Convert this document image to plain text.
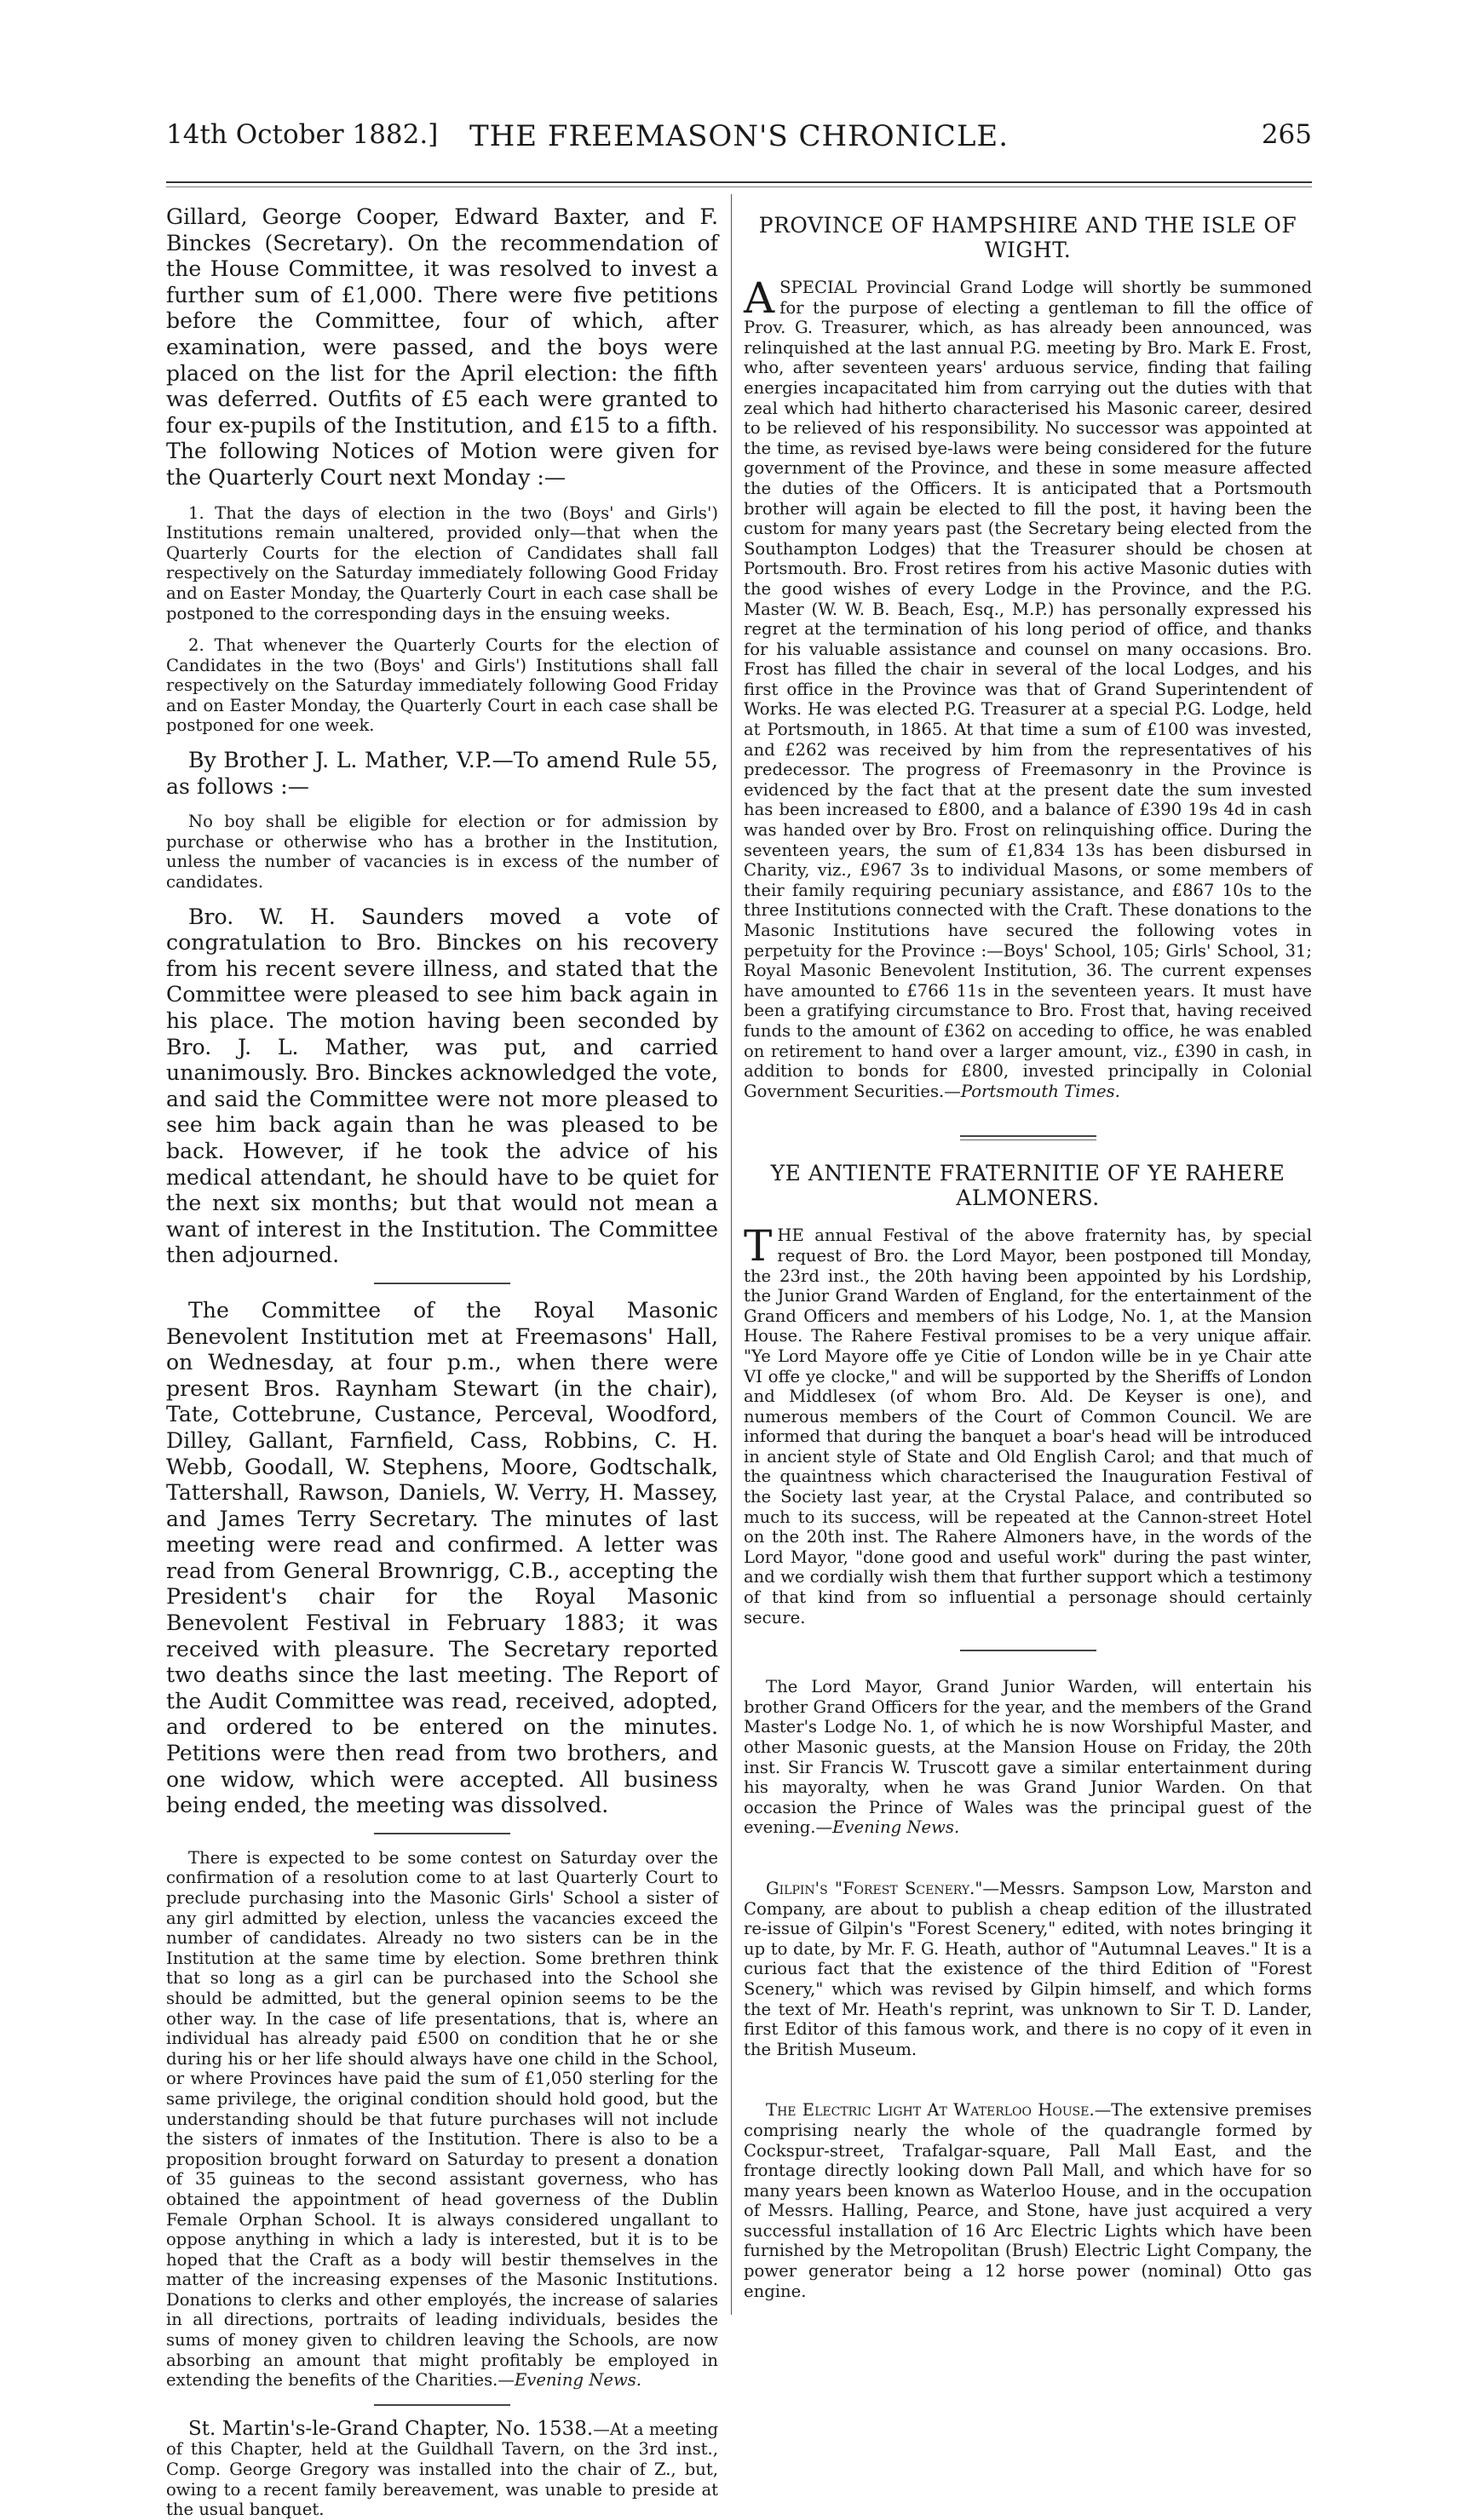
14th October 1882.]	THE FREEMASON'S CHRONICLE.	265

Gillard, George Cooper, Edward Baxter, and F. Binckes (Secretary). On the recommendation of the House Committee, it was resolved to invest a further sum of £1,000. There were five petitions before the Committee, four of which, after examination, were passed, and the boys were placed on the list for the April election: the fifth was deferred. Outfits of £5 each were granted to four ex-pupils of the Institution, and £15 to a fifth. The following Notices of Motion were given for the Quarterly Court next Monday :—

1. That the days of election in the two (Boys' and Girls') Institutions remain unaltered, provided only—that when the Quarterly Courts for the election of Candidates shall fall respectively on the Saturday immediately following Good Friday and on Easter Monday, the Quarterly Court in each case shall be postponed to the corresponding days in the ensuing weeks.

2. That whenever the Quarterly Courts for the election of Candidates in the two (Boys' and Girls') Institutions shall fall respectively on the Saturday immediately following Good Friday and on Easter Monday, the Quarterly Court in each case shall be postponed for one week.

By Brother J. L. Mather, V.P.—To amend Rule 55, as follows :—

No boy shall be eligible for election or for admission by purchase or otherwise who has a brother in the Institution, unless the number of vacancies is in excess of the number of candidates.

Bro. W. H. Saunders moved a vote of congratulation to Bro. Binckes on his recovery from his recent severe illness, and stated that the Committee were pleased to see him back again in his place. The motion having been seconded by Bro. J. L. Mather, was put, and carried unanimously. Bro. Binckes acknowledged the vote, and said the Committee were not more pleased to see him back again than he was pleased to be back. However, if he took the advice of his medical attendant, he should have to be quiet for the next six months; but that would not mean a want of interest in the Institution. The Committee then adjourned.

The Committee of the Royal Masonic Benevolent Institution met at Freemasons' Hall, on Wednesday, at four p.m., when there were present Bros. Raynham Stewart (in the chair), Tate, Cottebrune, Custance, Perceval, Woodford, Dilley, Gallant, Farnfield, Cass, Robbins, C. H. Webb, Goodall, W. Stephens, Moore, Godtschalk, Tattershall, Rawson, Daniels, W. Verry, H. Massey, and James Terry Secretary. The minutes of last meeting were read and confirmed. A letter was read from General Brownrigg, C.B., accepting the President's chair for the Royal Masonic Benevolent Festival in February 1883; it was received with pleasure. The Secretary reported two deaths since the last meeting. The Report of the Audit Committee was read, received, adopted, and ordered to be entered on the minutes. Petitions were then read from two brothers, and one widow, which were accepted. All business being ended, the meeting was dissolved.

There is expected to be some contest on Saturday over the confirmation of a resolution come to at last Quarterly Court to preclude purchasing into the Masonic Girls' School a sister of any girl admitted by election, unless the vacancies exceed the number of candidates. Already no two sisters can be in the Institution at the same time by election. Some brethren think that so long as a girl can be purchased into the School she should be admitted, but the general opinion seems to be the other way. In the case of life presentations, that is, where an individual has already paid £500 on condition that he or she during his or her life should always have one child in the School, or where Provinces have paid the sum of £1,050 sterling for the same privilege, the original condition should hold good, but the understanding should be that future purchases will not include the sisters of inmates of the Institution. There is also to be a proposition brought forward on Saturday to present a donation of 35 guineas to the second assistant governess, who has obtained the appointment of head governess of the Dublin Female Orphan School. It is always considered ungallant to oppose anything in which a lady is interested, but it is to be hoped that the Craft as a body will bestir themselves in the matter of the increasing expenses of the Masonic Institutions. Donations to clerks and other employés, the increase of salaries in all directions, portraits of leading individuals, besides the sums of money given to children leaving the Schools, are now absorbing an amount that might profitably be employed in extending the benefits of the Charities.—Evening News.

St. Martin's-le-Grand Chapter, No. 1538.—At a meeting of this Chapter, held at the Guildhall Tavern, on the 3rd inst., Comp. George Gregory was installed into the chair of Z., but, owing to a recent family bereavement, was unable to preside at the usual banquet.

PROVINCE OF HAMPSHIRE AND THE ISLE OF WIGHT.

ASPECIAL Provincial Grand Lodge will shortly be summoned for the purpose of electing a gentleman to fill the office of Prov. G. Treasurer, which, as has already been announced, was relinquished at the last annual P.G. meeting by Bro. Mark E. Frost, who, after seventeen years' arduous service, finding that failing energies incapacitated him from carrying out the duties with that zeal which had hitherto characterised his Masonic career, desired to be relieved of his responsibility. No successor was appointed at the time, as revised bye-laws were being considered for the future government of the Province, and these in some measure affected the duties of the Officers. It is anticipated that a Portsmouth brother will again be elected to fill the post, it having been the custom for many years past (the Secretary being elected from the Southampton Lodges) that the Treasurer should be chosen at Portsmouth. Bro. Frost retires from his active Masonic duties with the good wishes of every Lodge in the Province, and the P.G. Master (W. W. B. Beach, Esq., M.P.) has personally expressed his regret at the termination of his long period of office, and thanks for his valuable assistance and counsel on many occasions. Bro. Frost has filled the chair in several of the local Lodges, and his first office in the Province was that of Grand Superintendent of Works. He was elected P.G. Treasurer at a special P.G. Lodge, held at Portsmouth, in 1865. At that time a sum of £100 was invested, and £262 was received by him from the representatives of his predecessor. The progress of Freemasonry in the Province is evidenced by the fact that at the present date the sum invested has been increased to £800, and a balance of £390 19s 4d in cash was handed over by Bro. Frost on relinquishing office. During the seventeen years, the sum of £1,834 13s has been disbursed in Charity, viz., £967 3s to individual Masons, or some members of their family requiring pecuniary assistance, and £867 10s to the three Institutions connected with the Craft. These donations to the Masonic Institutions have secured the following votes in perpetuity for the Province :—Boys' School, 105; Girls' School, 31; Royal Masonic Benevolent Institution, 36. The current expenses have amounted to £766 11s in the seventeen years. It must have been a gratifying circumstance to Bro. Frost that, having received funds to the amount of £362 on acceding to office, he was enabled on retirement to hand over a larger amount, viz., £390 in cash, in addition to bonds for £800, invested principally in Colonial Government Securities.—Portsmouth Times.

YE ANTIENTE FRATERNITIE OF YE RAHERE ALMONERS.

THE annual Festival of the above fraternity has, by special request of Bro. the Lord Mayor, been postponed till Monday, the 23rd inst., the 20th having been appointed by his Lordship, the Junior Grand Warden of England, for the entertainment of the Grand Officers and members of his Lodge, No. 1, at the Mansion House. The Rahere Festival promises to be a very unique affair. "Ye Lord Mayore offe ye Citie of London wille be in ye Chair atte VI offe ye clocke," and will be supported by the Sheriffs of London and Middlesex (of whom Bro. Ald. De Keyser is one), and numerous members of the Court of Common Council. We are informed that during the banquet a boar's head will be introduced in ancient style of State and Old English Carol; and that much of the quaintness which characterised the Inauguration Festival of the Society last year, at the Crystal Palace, and contributed so much to its success, will be repeated at the Cannon-street Hotel on the 20th inst. The Rahere Almoners have, in the words of the Lord Mayor, "done good and useful work" during the past winter, and we cordially wish them that further support which a testimony of that kind from so influential a personage should certainly secure.

The Lord Mayor, Grand Junior Warden, will entertain his brother Grand Officers for the year, and the members of the Grand Master's Lodge No. 1, of which he is now Worshipful Master, and other Masonic guests, at the Mansion House on Friday, the 20th inst. Sir Francis W. Truscott gave a similar entertainment during his mayoralty, when he was Grand Junior Warden. On that occasion the Prince of Wales was the principal guest of the evening.—Evening News.

Gilpin's "Forest Scenery."—Messrs. Sampson Low, Marston and Company, are about to publish a cheap edition of the illustrated re-issue of Gilpin's "Forest Scenery," edited, with notes bringing it up to date, by Mr. F. G. Heath, author of "Autumnal Leaves." It is a curious fact that the existence of the third Edition of "Forest Scenery," which was revised by Gilpin himself, and which forms the text of Mr. Heath's reprint, was unknown to Sir T. D. Lander, first Editor of this famous work, and there is no copy of it even in the British Museum.

The Electric Light At Waterloo House.—The extensive premises comprising nearly the whole of the quadrangle formed by Cockspur-street, Trafalgar-square, Pall Mall East, and the frontage directly looking down Pall Mall, and which have for so many years been known as Waterloo House, and in the occupation of Messrs. Halling, Pearce, and Stone, have just acquired a very successful installation of 16 Arc Electric Lights which have been furnished by the Metropolitan (Brush) Electric Light Company, the power generator being a 12 horse power (nominal) Otto gas engine.
